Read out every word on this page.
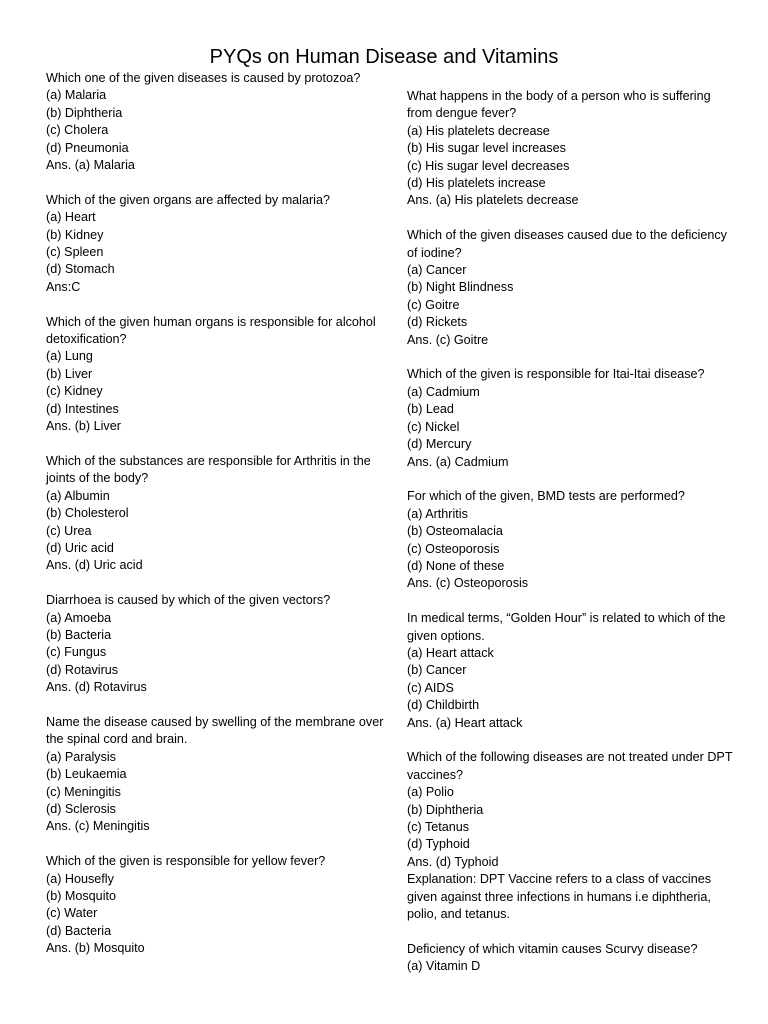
PYQs on Human Disease and Vitamins

Which one of the given diseases is caused by protozoa?

(a) Malaria

(b) Diphtheria

(c) Cholera

(d) Pneumonia

Ans. (a) Malaria

Which of the given organs are affected by malaria?

(a) Heart

(b) Kidney

(c) Spleen

(d) Stomach

Ans:C

Which of the given human organs is responsible for alcohol detoxification?

(a) Lung

(b) Liver

(c) Kidney

(d) Intestines

Ans. (b) Liver

Which of the substances are responsible for Arthritis in the joints of the body?

(a) Albumin

(b) Cholesterol

(c) Urea

(d) Uric acid

Ans. (d) Uric acid

Diarrhoea is caused by which of the given vectors?

(a) Amoeba

(b) Bacteria

(c) Fungus

(d) Rotavirus

Ans. (d) Rotavirus

Name the disease caused by swelling of the membrane over the spinal cord and brain.

(a) Paralysis

(b) Leukaemia

(c) Meningitis

(d) Sclerosis

Ans. (c) Meningitis

Which of the given is responsible for yellow fever?

(a) Housefly

(b) Mosquito

(c) Water

(d) Bacteria

Ans. (b) Mosquito

What happens in the body of a person who is suffering from dengue fever?

(a) His platelets decrease

(b) His sugar level increases

(c) His sugar level decreases

(d) His platelets increase

Ans. (a) His platelets decrease

Which of the given diseases caused due to the deficiency of iodine?

(a) Cancer

(b) Night Blindness

(c) Goitre

(d) Rickets

Ans. (c) Goitre

Which of the given is responsible for Itai-Itai disease?

(a) Cadmium

(b) Lead

(c) Nickel

(d) Mercury

Ans. (a) Cadmium

For which of the given, BMD tests are performed?

(a) Arthritis

(b) Osteomalacia

(c) Osteoporosis

(d) None of these

Ans. (c) Osteoporosis

In medical terms, “Golden Hour” is related to which of the given options.

(a) Heart attack

(b) Cancer

(c) AIDS

(d) Childbirth

Ans. (a) Heart attack

Which of the following diseases are not treated under DPT vaccines?

(a) Polio

(b) Diphtheria

(c) Tetanus

(d) Typhoid

Ans. (d) Typhoid

Explanation: DPT Vaccine refers to a class of vaccines given against three infections in humans i.e diphtheria, polio, and tetanus.

Deficiency of which vitamin causes Scurvy disease?

(a) Vitamin D
